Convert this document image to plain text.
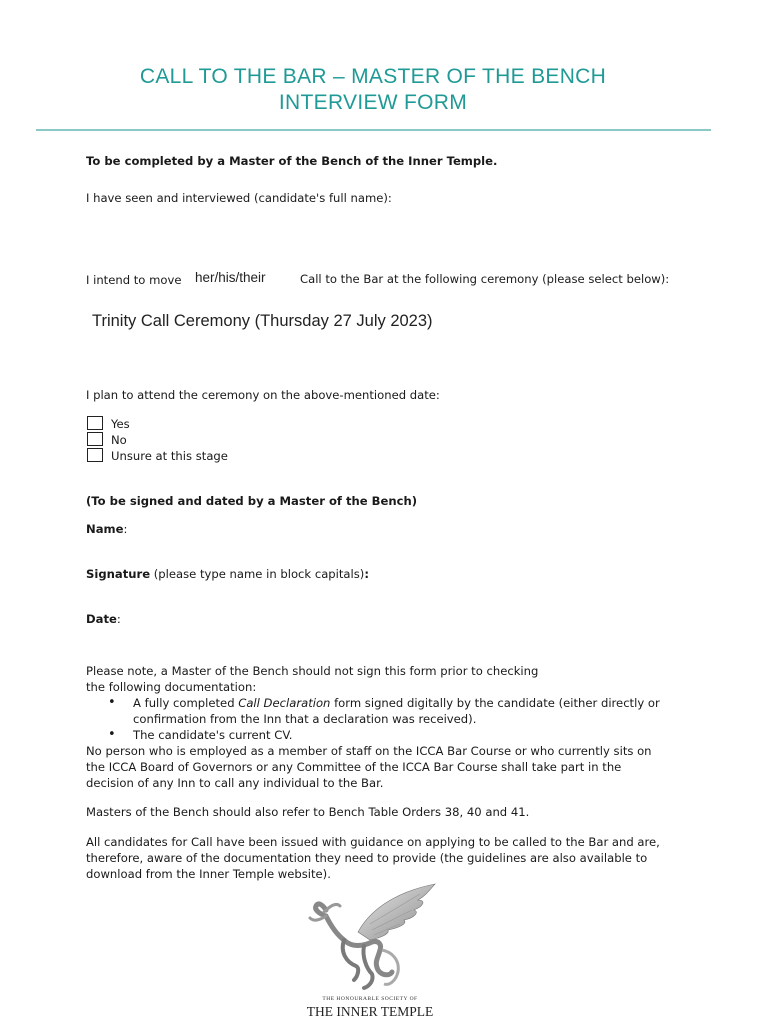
CALL TO THE BAR – MASTER OF THE BENCH
INTERVIEW FORM
To be completed by a Master of the Bench of the Inner Temple.
I have seen and interviewed (candidate's full name):
I intend to move her/his/their	Call to the Bar at the following ceremony (please select below):
Trinity Call Ceremony (Thursday 27 July 2023)
I plan to attend the ceremony on the above-mentioned date:
Yes
No
Unsure at this stage
(To be signed and dated by a Master of the Bench)
Name:
Signature (please type name in block capitals):
Date:
Please note, a Master of the Bench should not sign this form prior to checking
the following documentation:
• A fully completed Call Declaration form signed digitally by the candidate (either directly or
confirmation from the Inn that a declaration was received).
• The candidate's current CV.
No person who is employed as a member of staff on the ICCA Bar Course or who currently sits on
the ICCA Board of Governors or any Committee of the ICCA Bar Course shall take part in the
decision of any Inn to call any individual to the Bar.
Masters of the Bench should also refer to Bench Table Orders 38, 40 and 41.
All candidates for Call have been issued with guidance on applying to be called to the Bar and are,
therefore, aware of the documentation they need to provide (the guidelines are also available to
download from the Inner Temple website).
THE HONOURABLE SOCIETY OF
THE INNER TEMPLE
